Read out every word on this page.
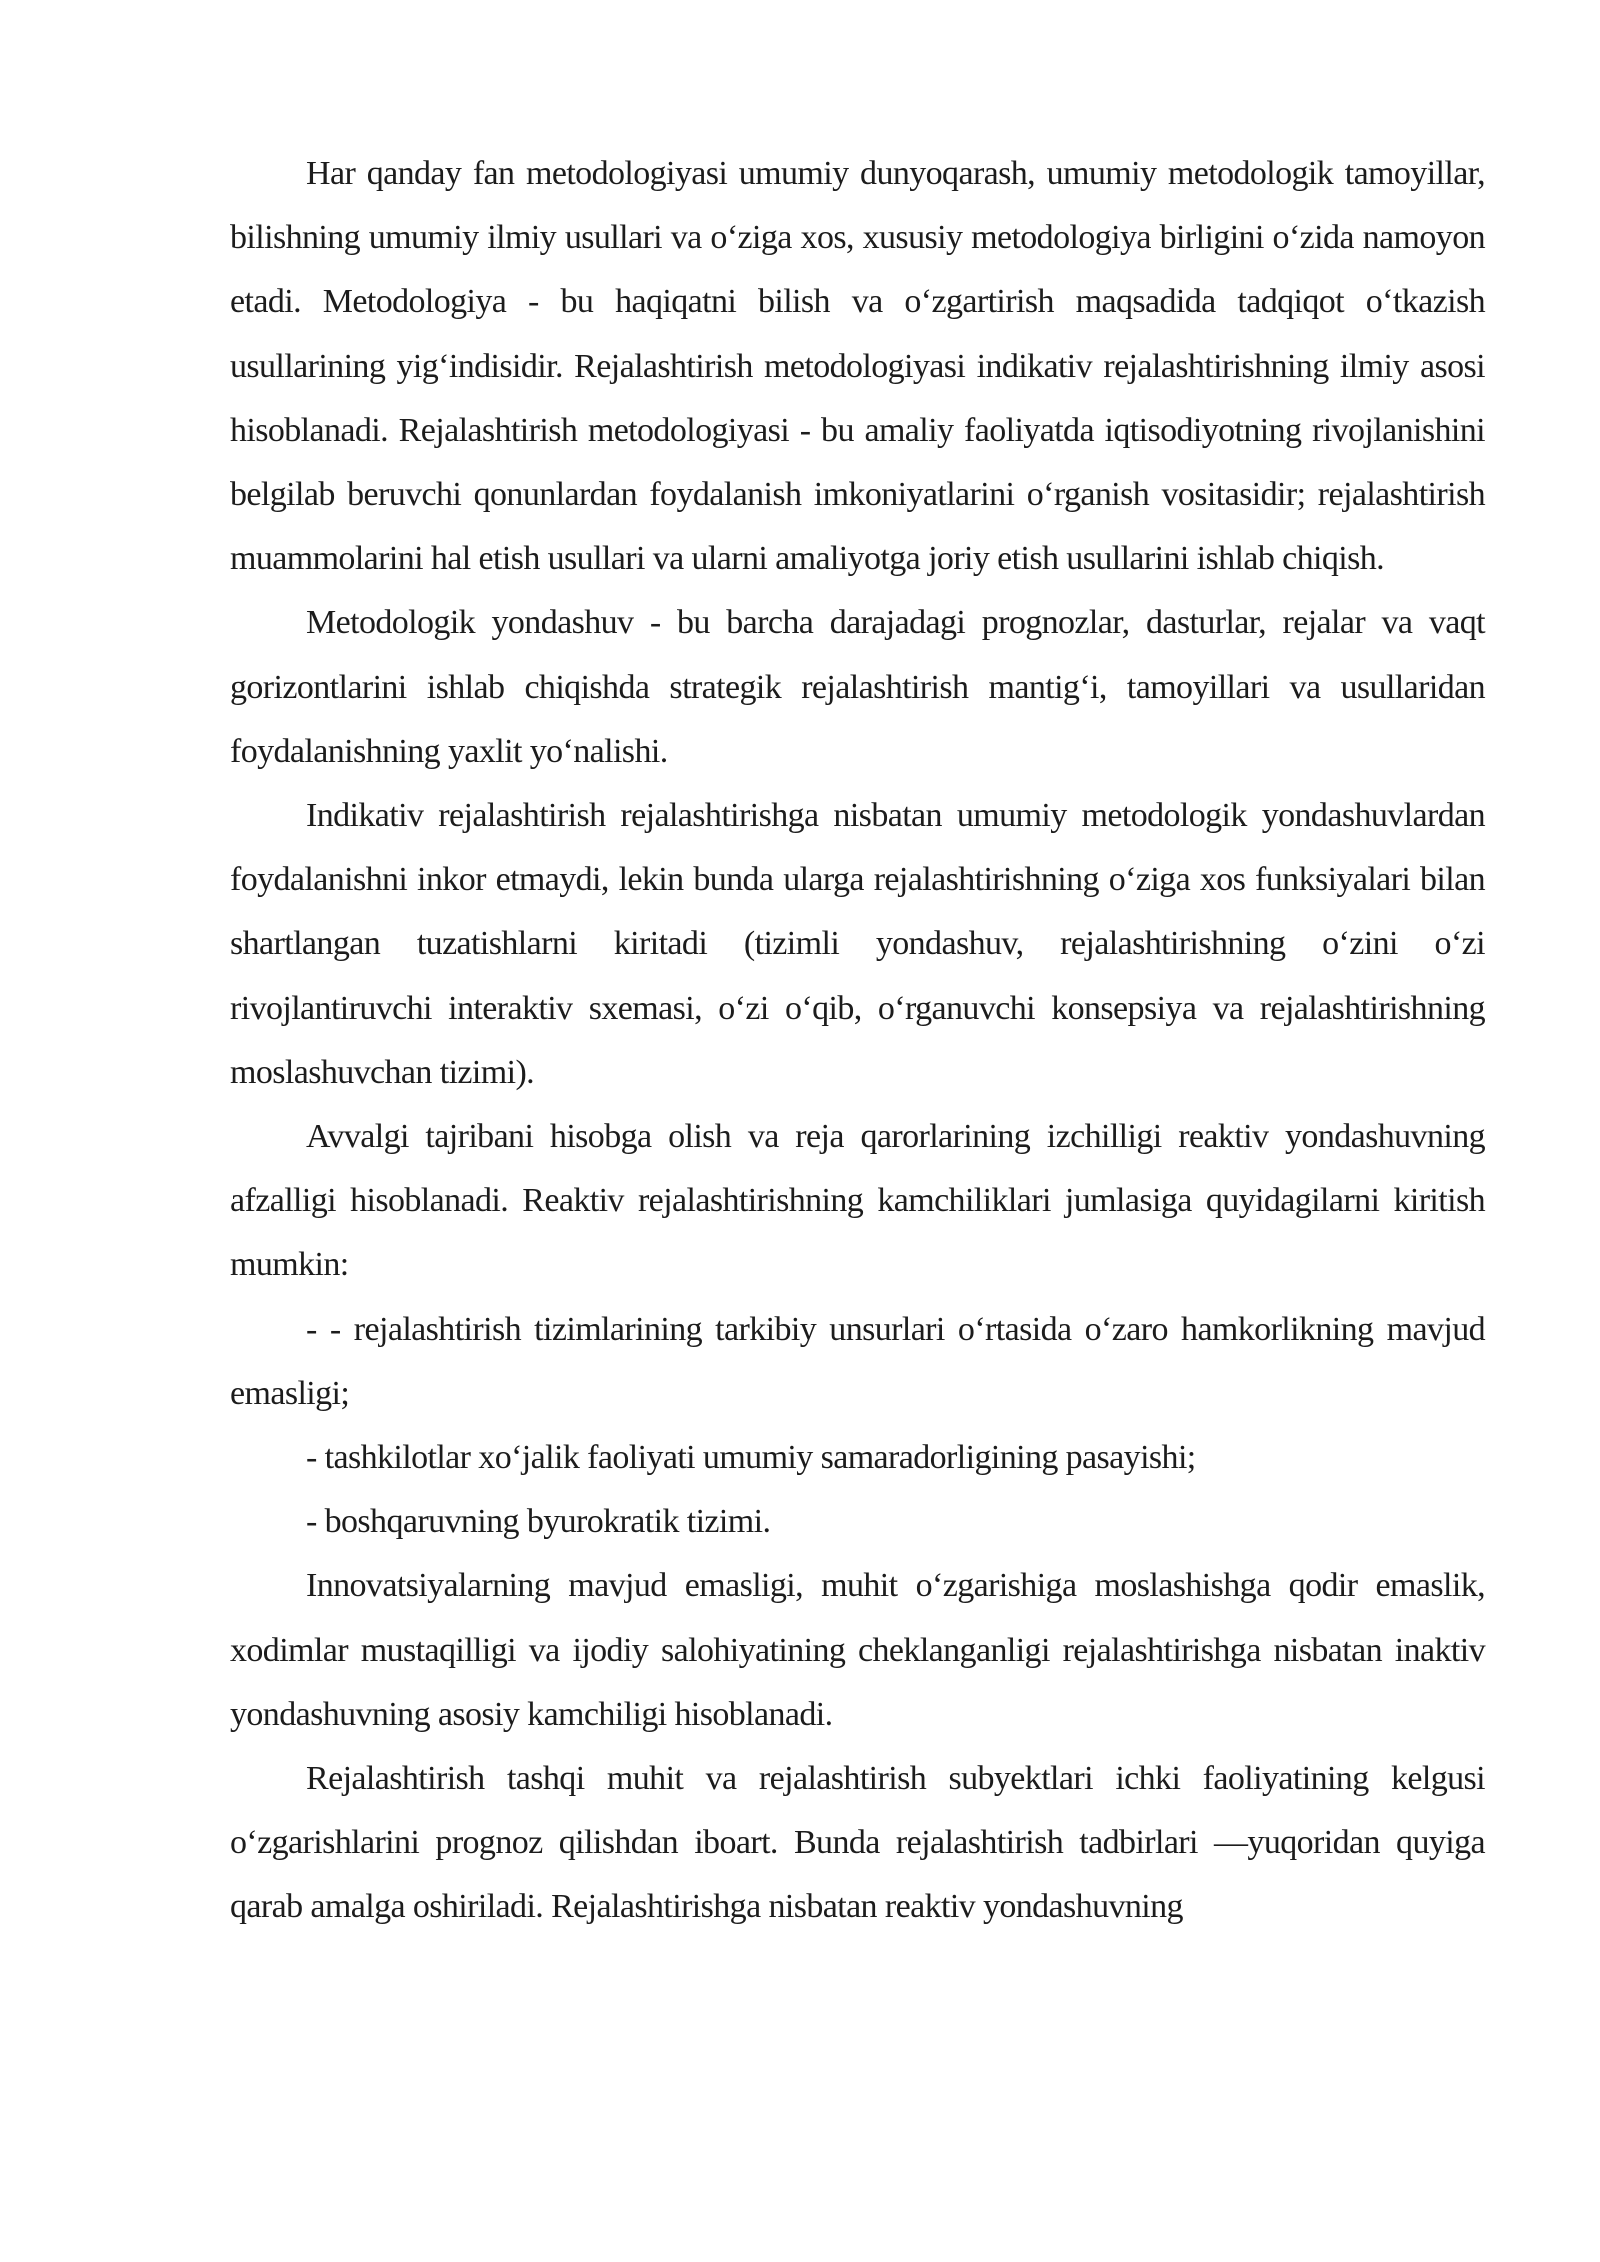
Har qanday fan metodologiyasi umumiy dunyoqarash, umumiy metodologik tamoyillar, bilishning umumiy ilmiy usullari va oʻziga xos, xususiy metodologiya birligini oʻzida namoyon etadi. Metodologiya - bu haqiqatni bilish va oʻzgartirish maqsadida tadqiqot oʻtkazish usullarining yigʻindisidir. Rejalashtirish metodologiyasi indikativ rejalashtirishning ilmiy asosi hisoblanadi. Rejalashtirish metodologiyasi - bu amaliy faoliyatda iqtisodiyotning rivojlanishini belgilab beruvchi qonunlardan foydalanish imkoniyatlarini oʻrganish vositasidir; rejalashtirish muammolarini hal etish usullari va ularni amaliyotga joriy etish usullarini ishlab chiqish.

Metodologik yondashuv - bu barcha darajadagi prognozlar, dasturlar, rejalar va vaqt gorizontlarini ishlab chiqishda strategik rejalashtirish mantigʻi, tamoyillari va usullaridan foydalanishning yaxlit yoʻnalishi.

Indikativ rejalashtirish rejalashtirishga nisbatan umumiy metodologik yondashuvlardan foydalanishni inkor etmaydi, lekin bunda ularga rejalashtirishning oʻziga xos funksiyalari bilan shartlangan tuzatishlarni kiritadi (tizimli yondashuv, rejalashtirishning oʻzini oʻzi rivojlantiruvchi interaktiv sxemasi, oʻzi oʻqib, oʻrganuvchi konsepsiya va rejalashtirishning moslashuvchan tizimi).

Avvalgi tajribani hisobga olish va reja qarorlarining izchilligi reaktiv yondashuvning afzalligi hisoblanadi. Reaktiv rejalashtirishning kamchiliklari jumlasiga quyidagilarni kiritish mumkin:

- - rejalashtirish tizimlarining tarkibiy unsurlari oʻrtasida oʻzaro hamkorlikning mavjud emasligi;

- tashkilotlar xoʻjalik faoliyati umumiy samaradorligining pasayishi;

- boshqaruvning byurokratik tizimi.

Innovatsiyalarning mavjud emasligi, muhit oʻzgarishiga moslashishga qodir emaslik, xodimlar mustaqilligi va ijodiy salohiyatining cheklanganligi rejalashtirishga nisbatan inaktiv yondashuvning asosiy kamchiligi hisoblanadi.

Rejalashtirish tashqi muhit va rejalashtirish subyektlari ichki faoliyatining kelgusi oʻzgarishlarini prognoz qilishdan iboart. Bunda rejalashtirish tadbirlari ―yuqoridan quyiga qarab amalga oshiriladi. Rejalashtirishga nisbatan reaktiv yondashuvning
